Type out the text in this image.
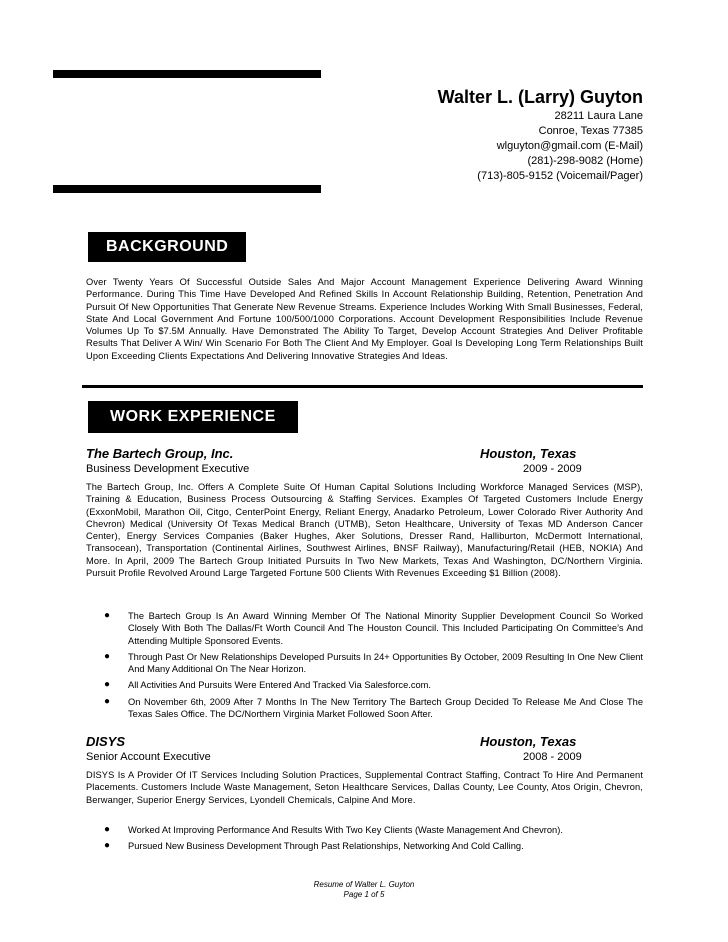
Walter L. (Larry) Guyton
28211 Laura Lane
Conroe, Texas 77385
wlguyton@gmail.com (E-Mail)
(281)-298-9082 (Home)
(713)-805-9152 (Voicemail/Pager)
BACKGROUND
Over Twenty Years Of Successful Outside Sales And Major Account Management Experience Delivering Award Winning Performance. During This Time Have Developed And Refined Skills In Account Relationship Building, Retention, Penetration And Pursuit Of New Opportunities That Generate New Revenue Streams. Experience Includes Working With Small Businesses, Federal, State And Local Government And Fortune 100/500/1000 Corporations. Account Development Responsibilities Include Revenue Volumes Up To $7.5M Annually. Have Demonstrated The Ability To Target, Develop Account Strategies And Deliver Profitable Results That Deliver A Win/ Win Scenario For Both The Client And My Employer. Goal Is Developing Long Term Relationships Built Upon Exceeding Clients Expectations And Delivering Innovative Strategies And Ideas.
WORK EXPERIENCE
The Bartech Group, Inc.	Houston, Texas
Business Development Executive	2009 - 2009
The Bartech Group, Inc. Offers A Complete Suite Of Human Capital Solutions Including Workforce Managed Services (MSP), Training & Education, Business Process Outsourcing & Staffing Services. Examples Of Targeted Customers Include Energy (ExxonMobil, Marathon Oil, Citgo, CenterPoint Energy, Reliant Energy, Anadarko Petroleum, Lower Colorado River Authority And Chevron) Medical (University Of Texas Medical Branch (UTMB), Seton Healthcare, University of Texas MD Anderson Cancer Center), Energy Services Companies (Baker Hughes, Aker Solutions, Dresser Rand, Halliburton, McDermott International, Transocean), Transportation (Continental Airlines, Southwest Airlines, BNSF Railway), Manufacturing/Retail (HEB, NOKIA) And More. In April, 2009 The Bartech Group Initiated Pursuits In Two New Markets, Texas And Washington, DC/Northern Virginia. Pursuit Profile Revolved Around Large Targeted Fortune 500 Clients With Revenues Exceeding $1 Billion (2008).
● The Bartech Group Is An Award Winning Member Of The National Minority Supplier Development Council So Worked Closely With Both The Dallas/Ft Worth Council And The Houston Council. This Included Participating On Committee’s And Attending Multiple Sponsored Events.
● Through Past Or New Relationships Developed Pursuits In 24+ Opportunities By October, 2009 Resulting In One New Client And Many Additional On The Near Horizon.
● All Activities And Pursuits Were Entered And Tracked Via Salesforce.com.
● On November 6th, 2009 After 7 Months In The New Territory The Bartech Group Decided To Release Me And Close The Texas Sales Office. The DC/Northern Virginia Market Followed Soon After.
DISYS	Houston, Texas
Senior Account Executive	2008 - 2009
DISYS Is A Provider Of IT Services Including Solution Practices, Supplemental Contract Staffing, Contract To Hire And Permanent Placements. Customers Include Waste Management, Seton Healthcare Services, Dallas County, Lee County, Atos Origin, Chevron, Berwanger, Superior Energy Services, Lyondell Chemicals, Calpine And More.
● Worked At Improving Performance And Results With Two Key Clients (Waste Management And Chevron).
● Pursued New Business Development Through Past Relationships, Networking And Cold Calling.
Resume of Walter L. Guyton
Page 1 of 5
